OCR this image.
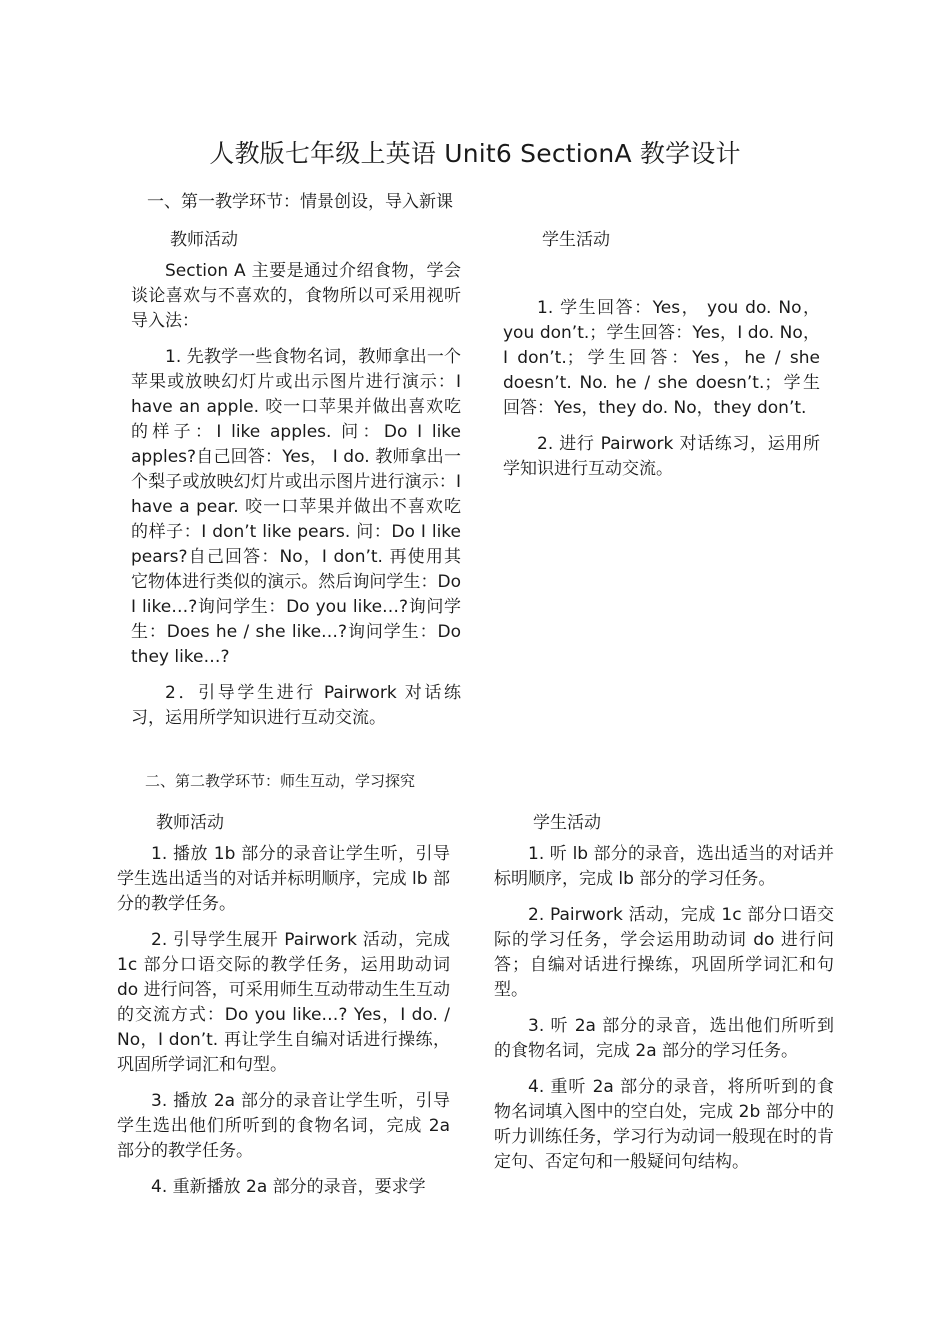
人教版七年级上英语 Unit6 SectionA 教学设计
一、第一教学环节：情景创设，导入新课
教师活动	学生活动

Section A 主要是通过介绍食物，学会谈论喜欢与不喜欢的，食物所以可采用视听导入法：

1. 先教学一些食物名词，教师拿出一个苹果或放映幻灯片或出示图片进行演示：I have an apple. 咬一口苹果并做出喜欢吃的样子：I like apples. 问：Do I like apples?自己回答：Yes， I do. 教师拿出一个梨子或放映幻灯片或出示图片进行演示：I have a pear. 咬一口苹果并做出不喜欢吃的样子：I don’t like pears. 问：Do I like pears?自己回答：No，I don’t. 再使用其它物体进行类似的演示。然后询问学生：Do I like…?询问学生：Do you like…?询问学生：Does he / she like…?询问学生：Do they like…?

2．引导学生进行 Pairwork 对话练习，运用所学知识进行互动交流。

1. 学生回答：Yes， you do. No，you don’t.；学生回答：Yes，I do. No，I don’t.；学生回答：Yes，he / she doesn’t. No. he / she doesn’t.；学生回答：Yes，they do. No，they don’t.

2. 进行 Pairwork 对话练习，运用所学知识进行互动交流。

二、第二教学环节：师生互动，学习探究
教师活动	学生活动

1. 播放 1b 部分的录音让学生听，引导学生选出适当的对话并标明顺序，完成 lb 部分的教学任务。

2. 引导学生展开 Pairwork 活动，完成 1c 部分口语交际的教学任务，运用助动词 do 进行问答，可采用师生互动带动生生互动的交流方式：Do you like…? Yes，I do. / No，I don’t. 再让学生自编对话进行操练，巩固所学词汇和句型。

3. 播放 2a 部分的录音让学生听，引导学生选出他们所听到的食物名词，完成 2a 部分的教学任务。

4. 重新播放 2a 部分的录音，要求学

1. 听 lb 部分的录音，选出适当的对话并标明顺序，完成 lb 部分的学习任务。

2. Pairwork 活动，完成 1c 部分口语交际的学习任务，学会运用助动词 do 进行问答；自编对话进行操练，巩固所学词汇和句型。

3. 听 2a 部分的录音，选出他们所听到的食物名词，完成 2a 部分的学习任务。

4. 重听 2a 部分的录音，将所听到的食物名词填入图中的空白处，完成 2b 部分中的听力训练任务，学习行为动词一般现在时的肯定句、否定句和一般疑问句结构。
